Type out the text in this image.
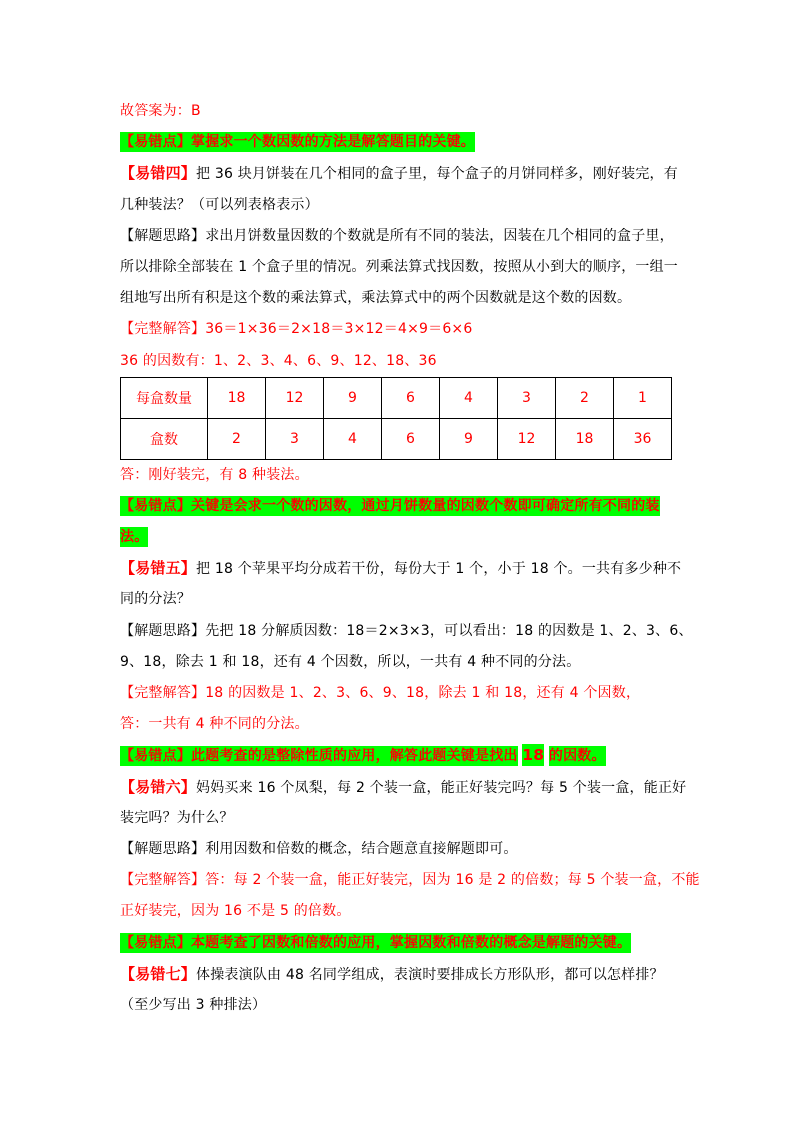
故答案为：B
【易错点】掌握求一个数因数的方法是解答题目的关键。
【易错四】把 36 块月饼装在几个相同的盒子里，每个盒子的月饼同样多，刚好装完，有
几种装法？（可以列表格表示）
【解题思路】求出月饼数量因数的个数就是所有不同的装法，因装在几个相同的盒子里，
所以排除全部装在 1 个盒子里的情况。列乘法算式找因数，按照从小到大的顺序，一组一
组地写出所有积是这个数的乘法算式，乘法算式中的两个因数就是这个数的因数。
【完整解答】36＝1×36＝2×18＝3×12＝4×9＝6×6
36 的因数有：1、2、3、4、6、9、12、18、36
每盒数量	18	12	9	6	4	3	2	1
盒数	2	3	4	6	9	12	18	36
答：刚好装完，有 8 种装法。
【易错点】关键是会求一个数的因数，通过月饼数量的因数个数即可确定所有不同的装
法。
【易错五】把 18 个苹果平均分成若干份，每份大于 1 个，小于 18 个。一共有多少种不
同的分法？
【解题思路】先把 18 分解质因数：18＝2×3×3，可以看出：18 的因数是 1、2、3、6、
9、18，除去 1 和 18，还有 4 个因数，所以，一共有 4 种不同的分法。
【完整解答】18 的因数是 1、2、3、6、9、18，除去 1 和 18，还有 4 个因数，
答：一共有 4 种不同的分法。
【易错点】此题考查的是整除性质的应用，解答此题关键是找出 18 的因数。
【易错六】妈妈买来 16 个凤梨，每 2 个装一盒，能正好装完吗？每 5 个装一盒，能正好
装完吗？为什么？
【解题思路】利用因数和倍数的概念，结合题意直接解题即可。
【完整解答】答：每 2 个装一盒，能正好装完，因为 16 是 2 的倍数；每 5 个装一盒，不能
正好装完，因为 16 不是 5 的倍数。
【易错点】本题考查了因数和倍数的应用，掌握因数和倍数的概念是解题的关键。
【易错七】体操表演队由 48 名同学组成，表演时要排成长方形队形，都可以怎样排？
（至少写出 3 种排法）
